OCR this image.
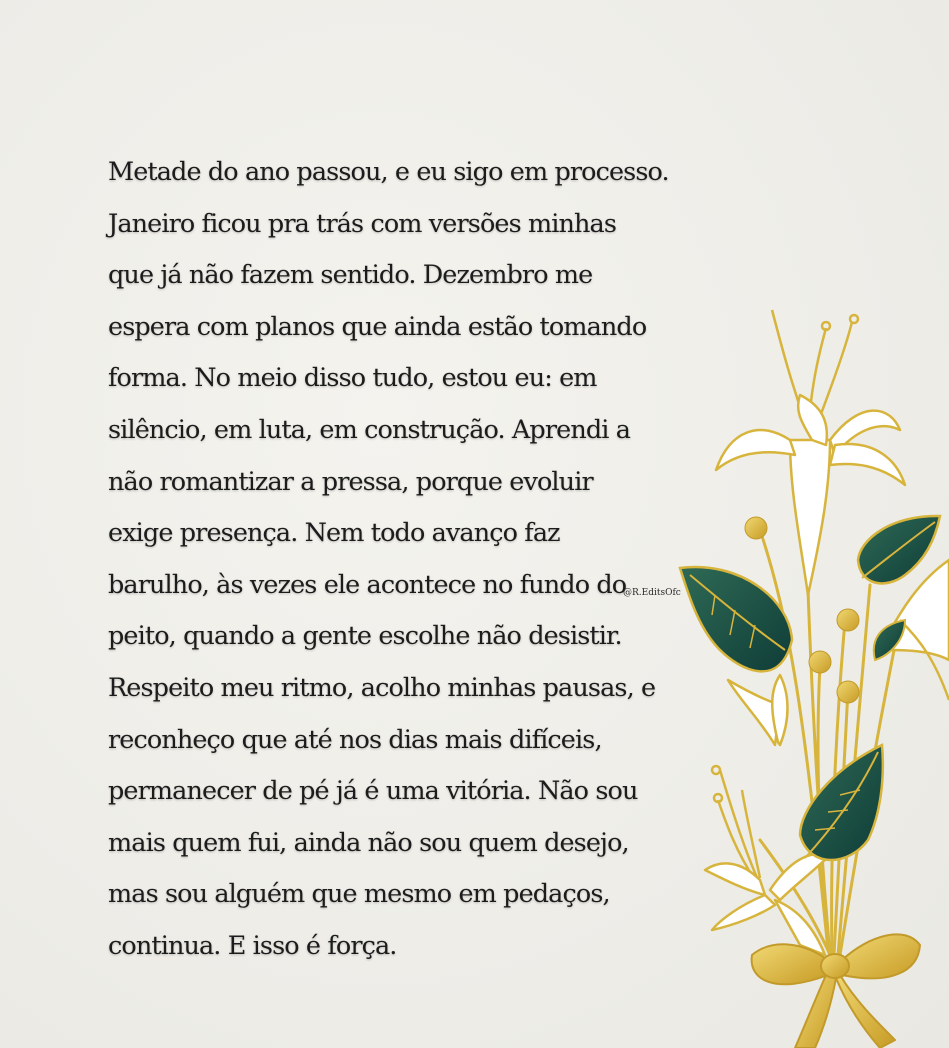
Metade do ano passou, e eu sigo em processo.
Janeiro ficou pra trás com versões minhas
que já não fazem sentido. Dezembro me
espera com planos que ainda estão tomando
forma. No meio disso tudo, estou eu: em
silêncio, em luta, em construção. Aprendi a
não romantizar a pressa, porque evoluir
exige presença. Nem todo avanço faz
barulho, às vezes ele acontece no fundo do
peito, quando a gente escolhe não desistir.
Respeito meu ritmo, acolho minhas pausas, e
reconheço que até nos dias mais difíceis,
permanecer de pé já é uma vitória. Não sou
mais quem fui, ainda não sou quem desejo,
mas sou alguém que mesmo em pedaços,
continua. E isso é força.
@R.EditsOfc
